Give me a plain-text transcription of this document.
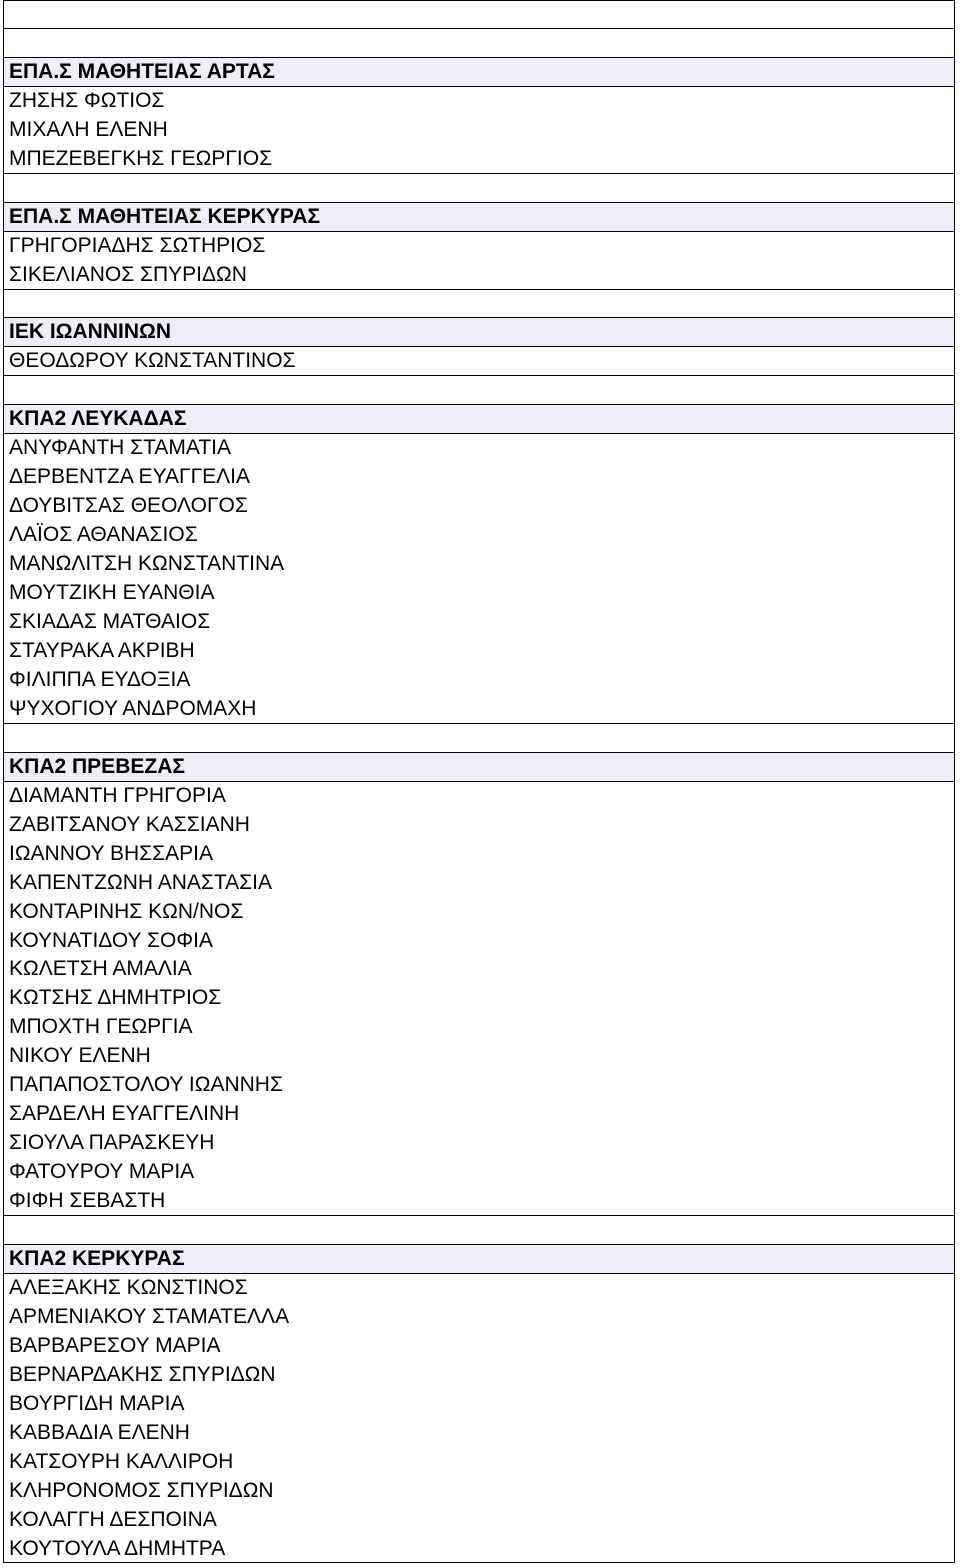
ΕΠΑ.Σ ΜΑΘΗΤΕΙΑΣ ΑΡΤΑΣ
ΖΗΣΗΣ ΦΩΤΙΟΣ
ΜΙΧΑΛΗ ΕΛΕΝΗ
ΜΠΕΖΕΒΕΓΚΗΣ ΓΕΩΡΓΙΟΣ
ΕΠΑ.Σ ΜΑΘΗΤΕΙΑΣ ΚΕΡΚΥΡΑΣ
ΓΡΗΓΟΡΙΑΔΗΣ ΣΩΤΗΡΙΟΣ
ΣΙΚΕΛΙΑΝΟΣ ΣΠΥΡΙΔΩΝ
ΙΕΚ ΙΩΑΝΝΙΝΩΝ
ΘΕΟΔΩΡΟΥ ΚΩΝΣΤΑΝΤΙΝΟΣ
ΚΠΑ2 ΛΕΥΚΑΔΑΣ
ΑΝΥΦΑΝΤΗ ΣΤΑΜΑΤΙΑ
ΔΕΡΒΕΝΤΖΑ ΕΥΑΓΓΕΛΙΑ
ΔΟΥΒΙΤΣΑΣ ΘΕΟΛΟΓΟΣ
ΛΑΪΟΣ ΑΘΑΝΑΣΙΟΣ
ΜΑΝΩΛΙΤΣΗ ΚΩΝΣΤΑΝΤΙΝΑ
ΜΟΥΤΖΙΚΗ ΕΥΑΝΘΙΑ
ΣΚΙΑΔΑΣ ΜΑΤΘΑΙΟΣ
ΣΤΑΥΡΑΚΑ ΑΚΡΙΒΗ
ΦΙΛΙΠΠΑ ΕΥΔΟΞΙΑ
ΨΥΧΟΓΙΟΥ ΑΝΔΡΟΜΑΧΗ
ΚΠΑ2 ΠΡΕΒΕΖΑΣ
ΔΙΑΜΑΝΤΗ ΓΡΗΓΟΡΙΑ
ΖΑΒΙΤΣΑΝΟΥ ΚΑΣΣΙΑΝΗ
ΙΩΑΝΝΟΥ ΒΗΣΣΑΡΙΑ
ΚΑΠΕΝΤΖΩΝΗ ΑΝΑΣΤΑΣΙΑ
ΚΟΝΤΑΡΙΝΗΣ ΚΩΝ/ΝΟΣ
ΚΟΥΝΑΤΙΔΟΥ ΣΟΦΙΑ
ΚΩΛΕΤΣΗ ΑΜΑΛΙΑ
ΚΩΤΣΗΣ ΔΗΜΗΤΡΙΟΣ
ΜΠΟΧΤΗ ΓΕΩΡΓΙΑ
ΝΙΚΟΥ ΕΛΕΝΗ
ΠΑΠΑΠΟΣΤΟΛΟΥ ΙΩΑΝΝΗΣ
ΣΑΡΔΕΛΗ ΕΥΑΓΓΕΛΙΝΗ
ΣΙΟΥΛΑ ΠΑΡΑΣΚΕΥΗ
ΦΑΤΟΥΡΟΥ ΜΑΡΙΑ
ΦΙΦΗ ΣΕΒΑΣΤΗ
ΚΠΑ2 ΚΕΡΚΥΡΑΣ
ΑΛΕΞΑΚΗΣ ΚΩΝΣΤΙΝΟΣ
ΑΡΜΕΝΙΑΚΟΥ ΣΤΑΜΑΤΕΛΛΑ
ΒΑΡΒΑΡΕΣΟΥ ΜΑΡΙΑ
ΒΕΡΝΑΡΔΑΚΗΣ ΣΠΥΡΙΔΩΝ
ΒΟΥΡΓΙΔΗ ΜΑΡΙΑ
ΚΑΒΒΑΔΙΑ ΕΛΕΝΗ
ΚΑΤΣΟΥΡΗ ΚΑΛΛΙΡΟΗ
ΚΛΗΡΟΝΟΜΟΣ ΣΠΥΡΙΔΩΝ
ΚΟΛΑΓΓΗ ΔΕΣΠΟΙΝΑ
ΚΟΥΤΟΥΛΑ ΔΗΜΗΤΡΑ
